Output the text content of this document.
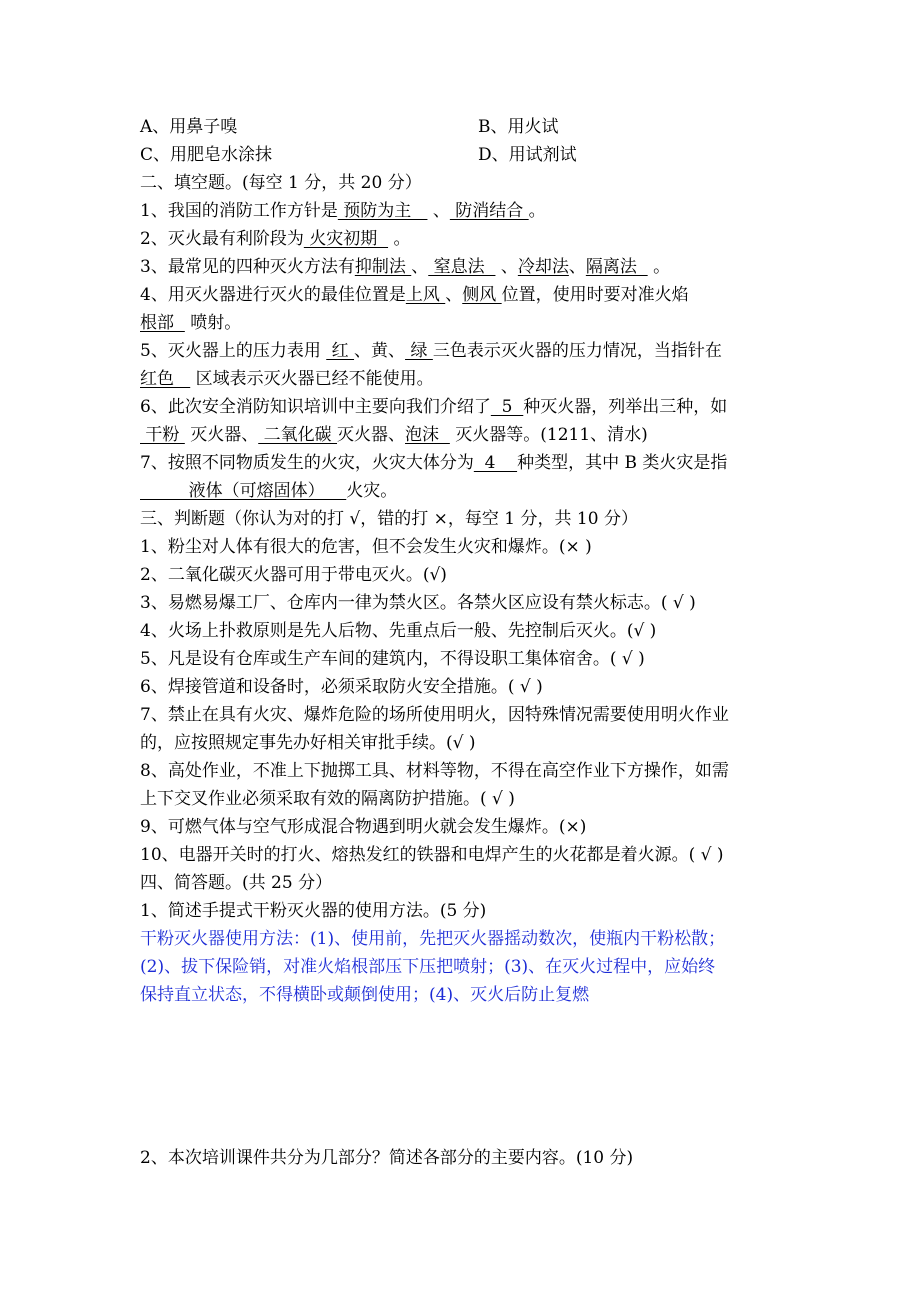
A、用鼻子嗅	B、用火试
C、用肥皂水涂抹	D、用试剂试
二、填空题。(每空 1 分，共 20 分）
1、我国的消防工作方针是 预防为主    、 防消结合 。
2、灭火最有利阶段为 火灾初期   。
3、最常见的四种灭火方法有抑制法 、 窒息法   、冷却法、隔离法   。
4、用灭火器进行灭火的最佳位置是上风 、侧风 位置，使用时要对准火焰
根部   喷射。
5、灭火器上的压力表用  红 、黄、 绿 三色表示灭火器的压力情况，当指针在
红色    区域表示灭火器已经不能使用。
6、此次安全消防知识培训中主要向我们介绍了  5  种灭火器，列举出三种，如
干粉  灭火器、 二氧化碳 灭火器、泡沫   灭火器等。(1211、清水)
7、按照不同物质发生的火灾，火灾大体分为  4    种类型，其中 B 类火灾是指
液体（可熔固体）    火灾。
三、判断题（你认为对的打 √，错的打 ×，每空 1 分，共 10 分）
1、粉尘对人体有很大的危害，但不会发生火灾和爆炸。(× )
2、二氧化碳灭火器可用于带电灭火。(√)
3、易燃易爆工厂、仓库内一律为禁火区。各禁火区应设有禁火标志。( √ )
4、火场上扑救原则是先人后物、先重点后一般、先控制后灭火。(√ )
5、凡是设有仓库或生产车间的建筑内，不得设职工集体宿舍。( √ )
6、焊接管道和设备时，必须采取防火安全措施。( √ )
7、禁止在具有火灾、爆炸危险的场所使用明火，因特殊情况需要使用明火作业
的，应按照规定事先办好相关审批手续。(√ )
8、高处作业，不准上下抛掷工具、材料等物，不得在高空作业下方操作，如需
上下交叉作业必须采取有效的隔离防护措施。( √ )
9、可燃气体与空气形成混合物遇到明火就会发生爆炸。(×)
10、电器开关时的打火、熔热发红的铁器和电焊产生的火花都是着火源。( √ )
四、简答题。(共 25 分）
1、简述手提式干粉灭火器的使用方法。(5 分)
干粉灭火器使用方法：(1)、使用前，先把灭火器摇动数次，使瓶内干粉松散；
(2)、拔下保险销，对准火焰根部压下压把喷射；(3)、在灭火过程中，应始终
保持直立状态，不得横卧或颠倒使用；(4)、灭火后防止复燃
2、本次培训课件共分为几部分？简述各部分的主要内容。(10 分)
